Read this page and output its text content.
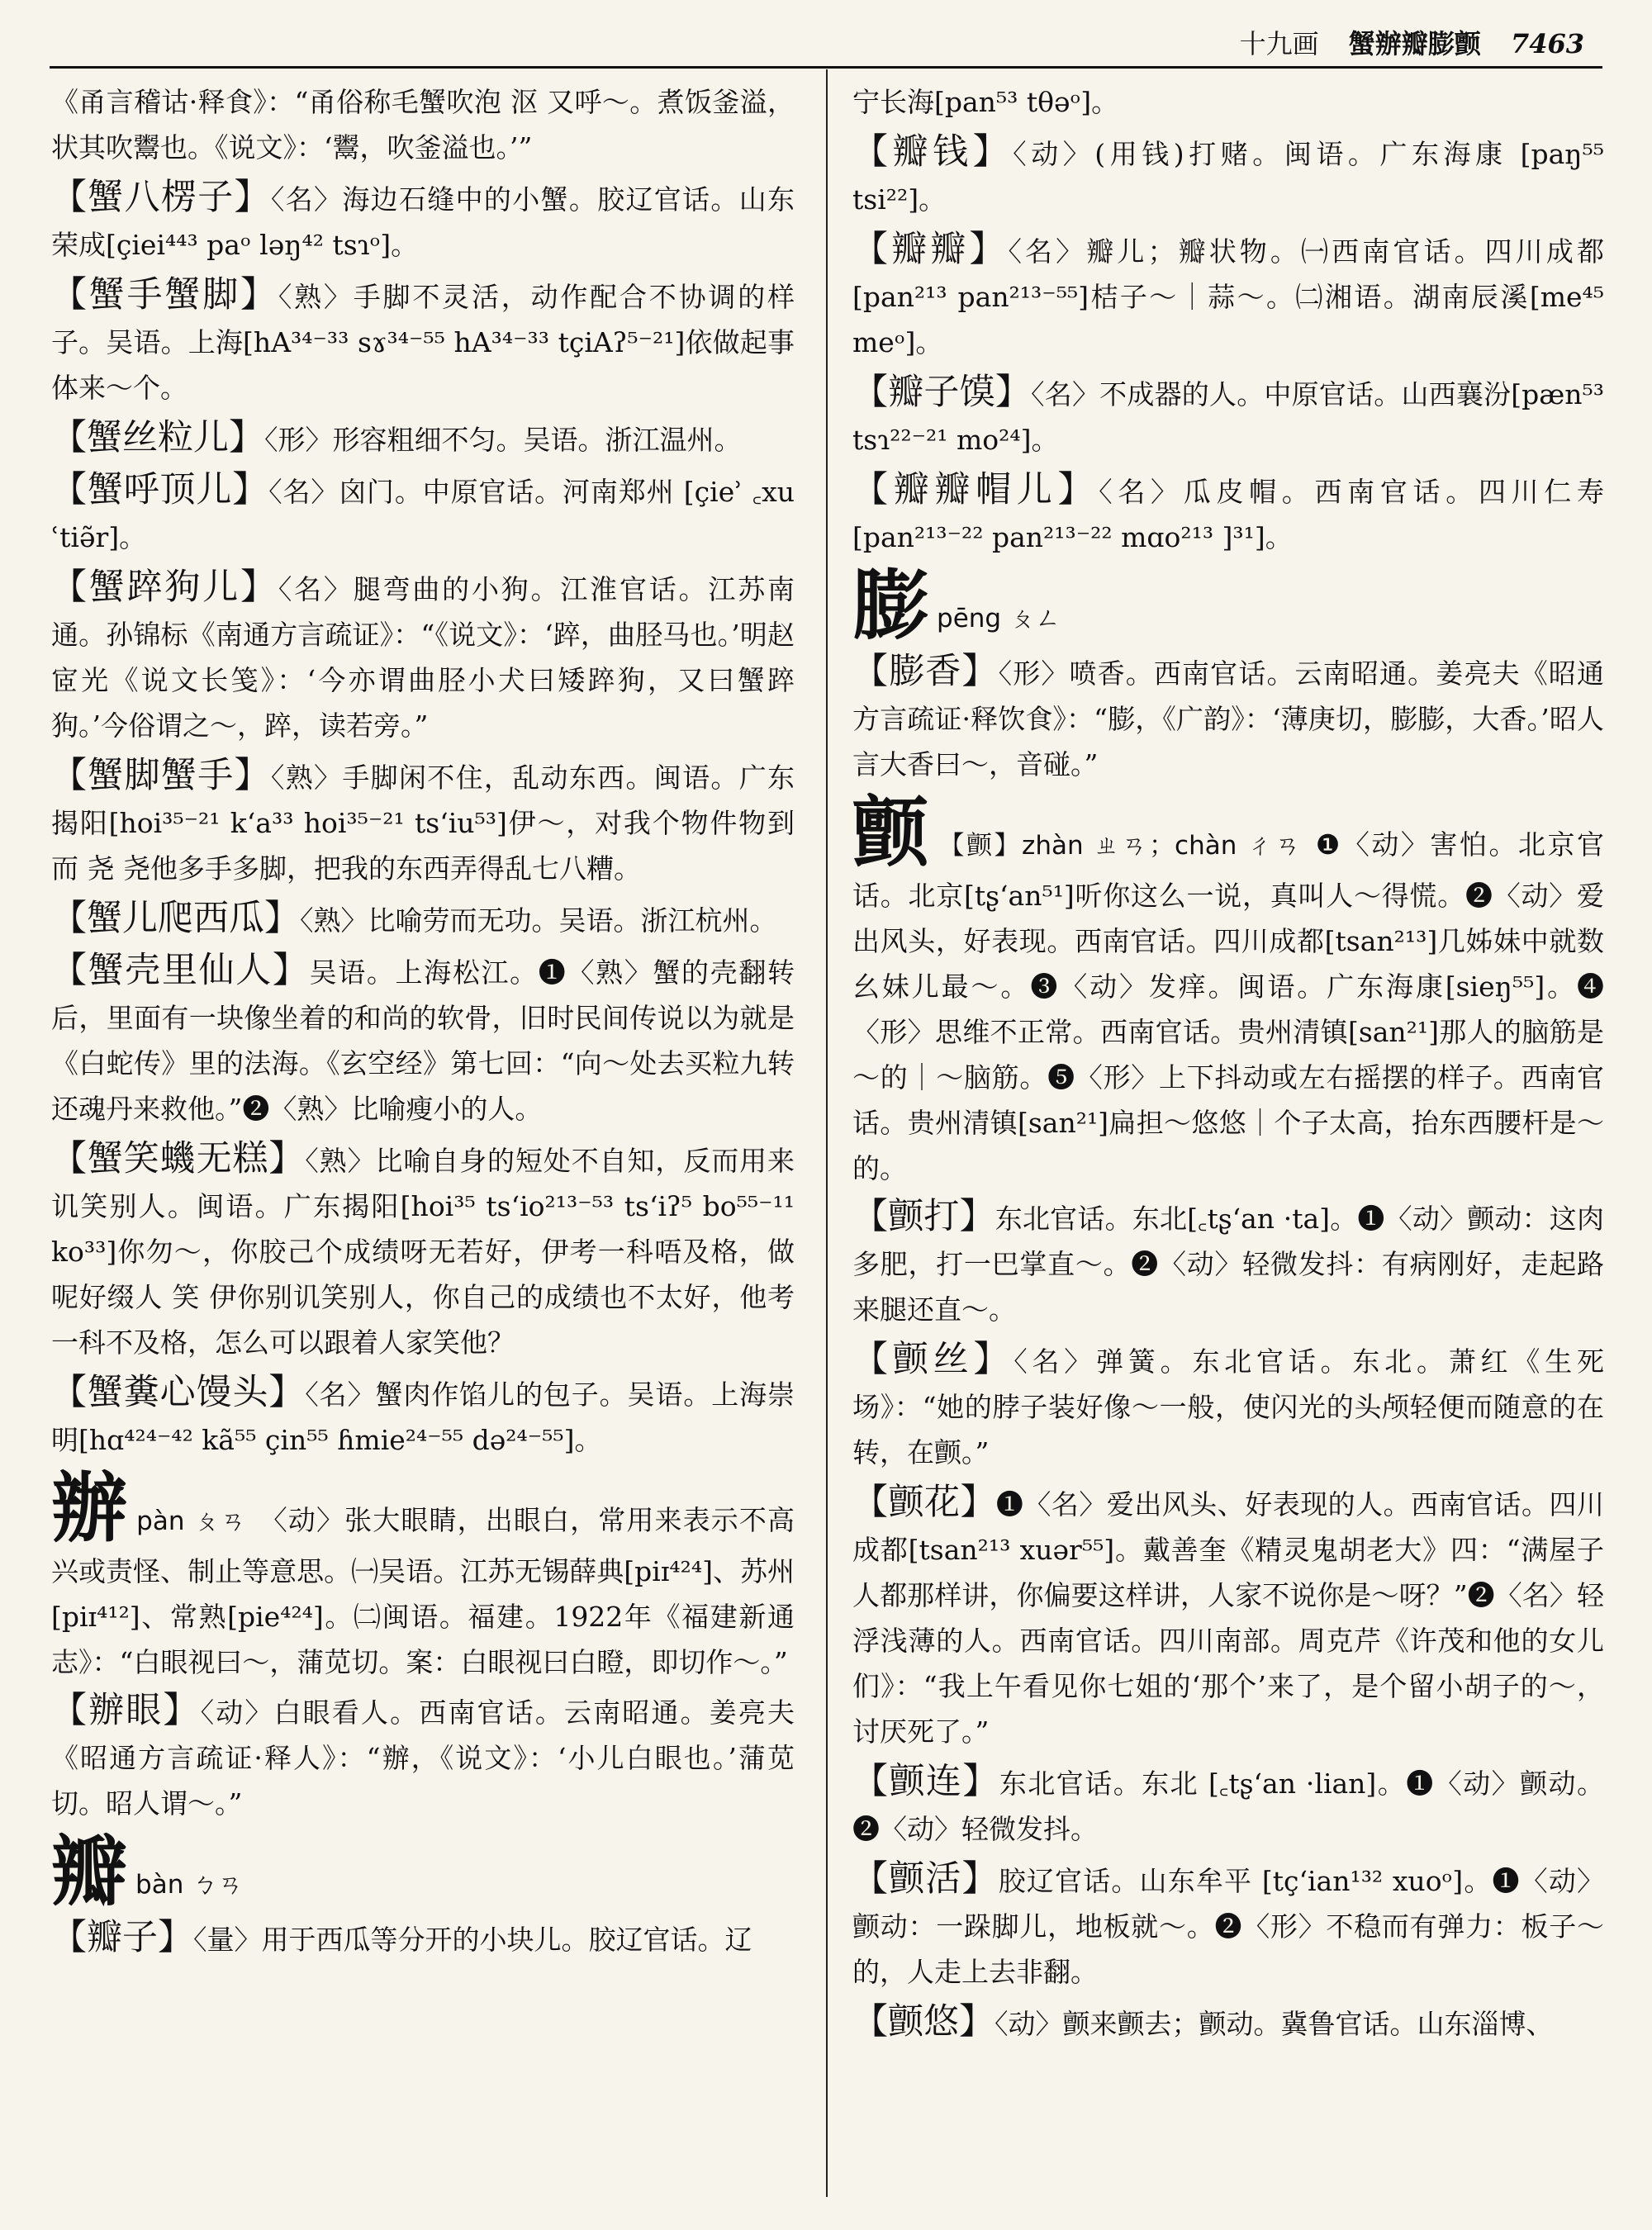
十九画 蟹辦瓣膨颤 7463
《甬言稽诂·释食》：“甬俗称毛蟹吹泡 沤 又呼～。煮饭釜溢，状其吹鬻也。《说文》：‘鬻，吹釜溢也。’”
【蟹八楞子】〈名〉海边石缝中的小蟹。胶辽官话。山东荣成[çiei⁴⁴³ paᵒ ləŋ⁴² tsɿᵒ]。
【蟹手蟹脚】〈熟〉手脚不灵活，动作配合不协调的样子。吴语。上海[hA³⁴⁻³³ sɤ³⁴⁻⁵⁵ hA³⁴⁻³³ tçiAʔ⁵⁻²¹]依做起事体来～个。
【蟹丝粒儿】〈形〉形容粗细不匀。吴语。浙江温州。
【蟹呼顶儿】〈名〉囟门。中原官话。河南郑州 [çieʾ ꜀xu ʿtiə̃r]。
【蟹踤狗儿】〈名〉腿弯曲的小狗。江淮官话。江苏南通。孙锦标《南通方言疏证》：“《说文》：‘踤，曲胫马也。’明赵宧光《说文长笺》：‘今亦谓曲胫小犬曰矮踤狗，又曰蟹踤狗。’今俗谓之～，踤，读若旁。”
【蟹脚蟹手】〈熟〉手脚闲不住，乱动东西。闽语。广东揭阳[hoi³⁵⁻²¹ k‘a³³ hoi³⁵⁻²¹ ts‘iu⁵³]伊～，对我个物件物到 而 尧 尧他多手多脚，把我的东西弄得乱七八糟。
【蟹儿爬西瓜】〈熟〉比喻劳而无功。吴语。浙江杭州。
【蟹壳里仙人】吴语。上海松江。❶〈熟〉蟹的壳翻转后，里面有一块像坐着的和尚的软骨，旧时民间传说以为就是《白蛇传》里的法海。《玄空经》第七回：“向～处去买粒九转还魂丹来救他。”❷〈熟〉比喻瘦小的人。
【蟹笑蟣无糕】〈熟〉比喻自身的短处不自知，反而用来讥笑别人。闽语。广东揭阳[hoi³⁵ ts‘io²¹³⁻⁵³ ts‘iʔ⁵ bo⁵⁵⁻¹¹ ko³³]你勿～，你胶己个成绩呀无若好，伊考一科唔及格，做呢好缀人 笑 伊你别讥笑别人，你自己的成绩也不太好，他考一科不及格，怎么可以跟着人家笑他？
【蟹糞心馒头】〈名〉蟹肉作馅儿的包子。吴语。上海崇明[hɑ⁴²⁴⁻⁴² kã⁵⁵ çin⁵⁵ ɦmie²⁴⁻⁵⁵ də²⁴⁻⁵⁵]。
辦pàn ㄆㄢ 〈动〉张大眼睛，出眼白，常用来表示不高兴或责怪、制止等意思。㈠吴语。江苏无锡薛典[piɪ⁴²⁴]、苏州[piɪ⁴¹²]、常熟[pie⁴²⁴]。㈡闽语。福建。1922年《福建新通志》：“白眼视曰～，蒲苋切。案：白眼视曰白瞪，即切作～。”
【辦眼】〈动〉白眼看人。西南官话。云南昭通。姜亮夫《昭通方言疏证·释人》：“辦，《说文》：‘小儿白眼也。’蒲苋切。昭人谓～。”
瓣bàn ㄅㄢ
【瓣子】〈量〉用于西瓜等分开的小块儿。胶辽官话。辽
宁长海[pan⁵³ tθəᵒ]。
【瓣钱】〈动〉(用钱)打赌。闽语。广东海康 [paŋ⁵⁵ tsi²²]。
【瓣瓣】〈名〉瓣儿；瓣状物。㈠西南官话。四川成都[pan²¹³ pan²¹³⁻⁵⁵]桔子～｜蒜～。㈡湘语。湖南辰溪[me⁴⁵ meᵒ]。
【瓣子馍】〈名〉不成器的人。中原官话。山西襄汾[pæn⁵³ tsɿ²²⁻²¹ mo²⁴]。
【瓣瓣帽儿】〈名〉瓜皮帽。西南官话。四川仁寿[pan²¹³⁻²² pan²¹³⁻²² mɑo²¹³ ]³¹]。
膨pēng ㄆㄥ
【膨香】〈形〉喷香。西南官话。云南昭通。姜亮夫《昭通方言疏证·释饮食》：“膨，《广韵》：‘薄庚切，膨膨，大香。’昭人言大香曰～，音碰。”
颤 【颤】zhàn ㄓㄢ；chàn ㄔㄢ ❶〈动〉害怕。北京官话。北京[tʂ‘an⁵¹]听你这么一说，真叫人～得慌。❷〈动〉爱出风头，好表现。西南官话。四川成都[tsan²¹³]几姊妹中就数幺妹儿最～。❸〈动〉发痒。闽语。广东海康[sieŋ⁵⁵]。❹〈形〉思维不正常。西南官话。贵州清镇[san²¹]那人的脑筋是～的｜～脑筋。❺〈形〉上下抖动或左右摇摆的样子。西南官话。贵州清镇[san²¹]扁担～悠悠｜个子太高，抬东西腰杆是～的。
【颤打】东北官话。东北[꜀tʂ‘an ·ta]。❶〈动〉颤动：这肉多肥，打一巴掌直～。❷〈动〉轻微发抖：有病刚好，走起路来腿还直～。
【颤丝】〈名〉弹簧。东北官话。东北。萧红《生死场》：“她的脖子装好像～一般，使闪光的头颅轻便而随意的在转，在颤。”
【颤花】❶〈名〉爱出风头、好表现的人。西南官话。四川成都[tsan²¹³ xuər⁵⁵]。戴善奎《精灵鬼胡老大》四：“满屋子人都那样讲，你偏要这样讲，人家不说你是～呀？”❷〈名〉轻浮浅薄的人。西南官话。四川南部。周克芹《许茂和他的女儿们》：“我上午看见你七姐的‘那个’来了，是个留小胡子的～，讨厌死了。”
【颤连】东北官话。东北 [꜀tʂ‘an ·lian]。❶〈动〉颤动。❷〈动〉轻微发抖。
【颤活】胶辽官话。山东牟平 [tç‘ian¹³² xuoᵒ]。❶〈动〉颤动：一跺脚儿，地板就～。❷〈形〉不稳而有弹力：板子～的，人走上去非翻。
【颤悠】〈动〉颤来颤去；颤动。冀鲁官话。山东淄博、
